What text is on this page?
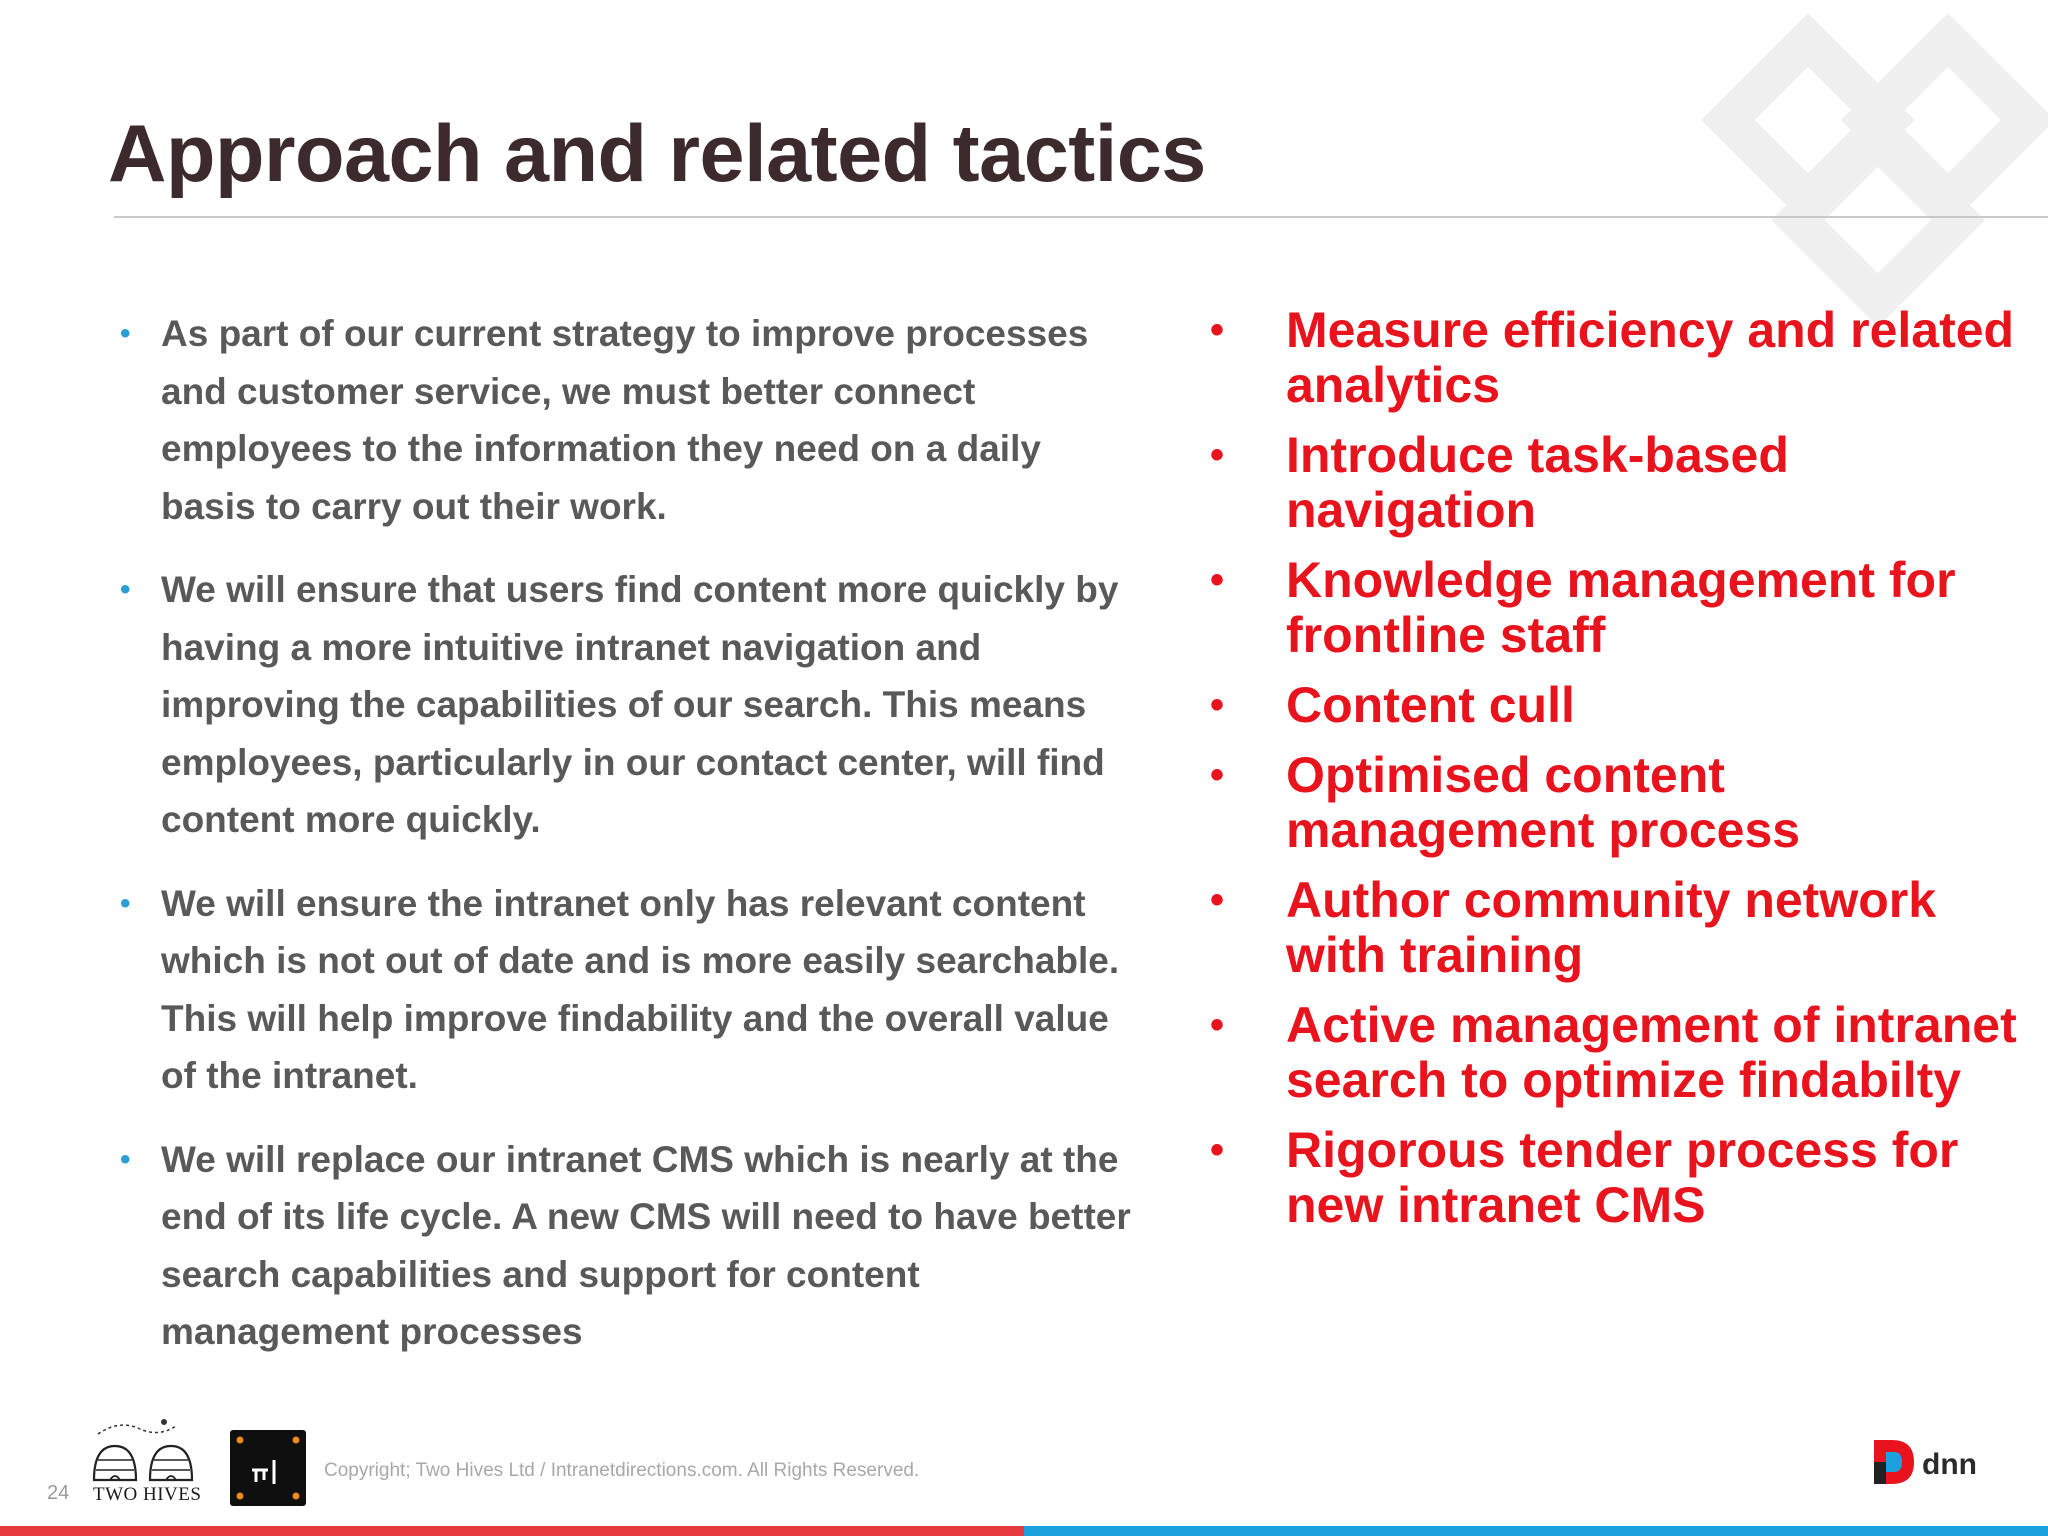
Approach and related tactics
• As part of our current strategy to improve processes and customer service, we must better connect employees to the information they need on a daily basis to carry out their work.
• We will ensure that users find content more quickly by having a more intuitive intranet navigation and improving the capabilities of our search. This means employees, particularly in our contact center, will find content more quickly.
• We will ensure the intranet only has relevant content which is not out of date and is more easily searchable. This will help improve findability and the overall value of the intranet.
• We will replace our intranet CMS which is nearly at the end of its life cycle. A new CMS will need to have better search capabilities and support for content management processes
• Measure efficiency and related analytics
• Introduce task-based navigation
• Knowledge management for frontline staff
• Content cull
• Optimised content management process
• Author community network with training
• Active management of intranet search to optimize findabilty
• Rigorous tender process for new intranet CMS
24 TWO HIVES
Copyright; Two Hives Ltd / Intranetdirections.com. All Rights Reserved.	dnn
